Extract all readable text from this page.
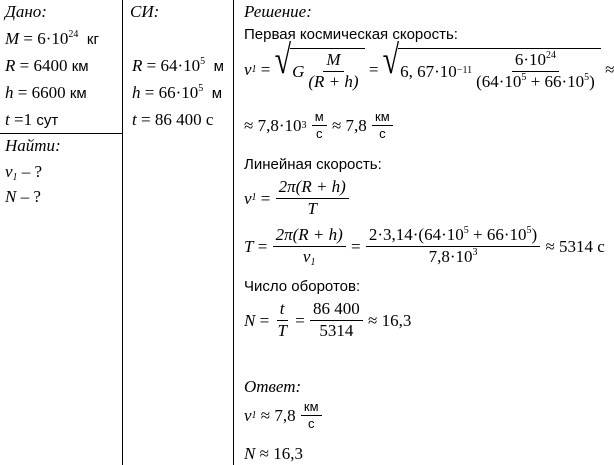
Дано:
$M = 6\cdot 10^{24}$ кг
R = 6400 км
h = 6600 км
t =1 сут
Найти:
$v_1$ – ?
N – ?
СИ:
$R = 64\cdot 10^5$ м
$h = 66\cdot 10^5$ м
t = 86 400 с
Решение:
Первая космическая скорость:
v 1
=
√ G $\frac{M}{(R + h)}$
=
√ 6, $67\cdot 10 -11 \frac{6\cdot 10^{24}}{(64\cdot 10^5 + 66\cdot 10^5)}$
≈
≈
7,8·10 3
$\frac{м}{с}$
≈
7,8
$\frac{км}{с}$
Линейная скорость:
v 1
=
$\frac{2\pi(R + h)}{T}$
T
=
$\frac{2\pi(R + h)}{v_1}$
=
$\frac{2\cdot 3,14\cdot(64\cdot 10^5 + 66\cdot 10^5)}{7,8\cdot 10^3}$
≈
5314 с
Число оборотов:
N
=
$\frac{t}{T}$
=
$\frac{86 400}{5314}$
≈
16,3
Ответ:
v 1
≈
7,8
$\frac{км}{с}$
N ≈ 16,3
